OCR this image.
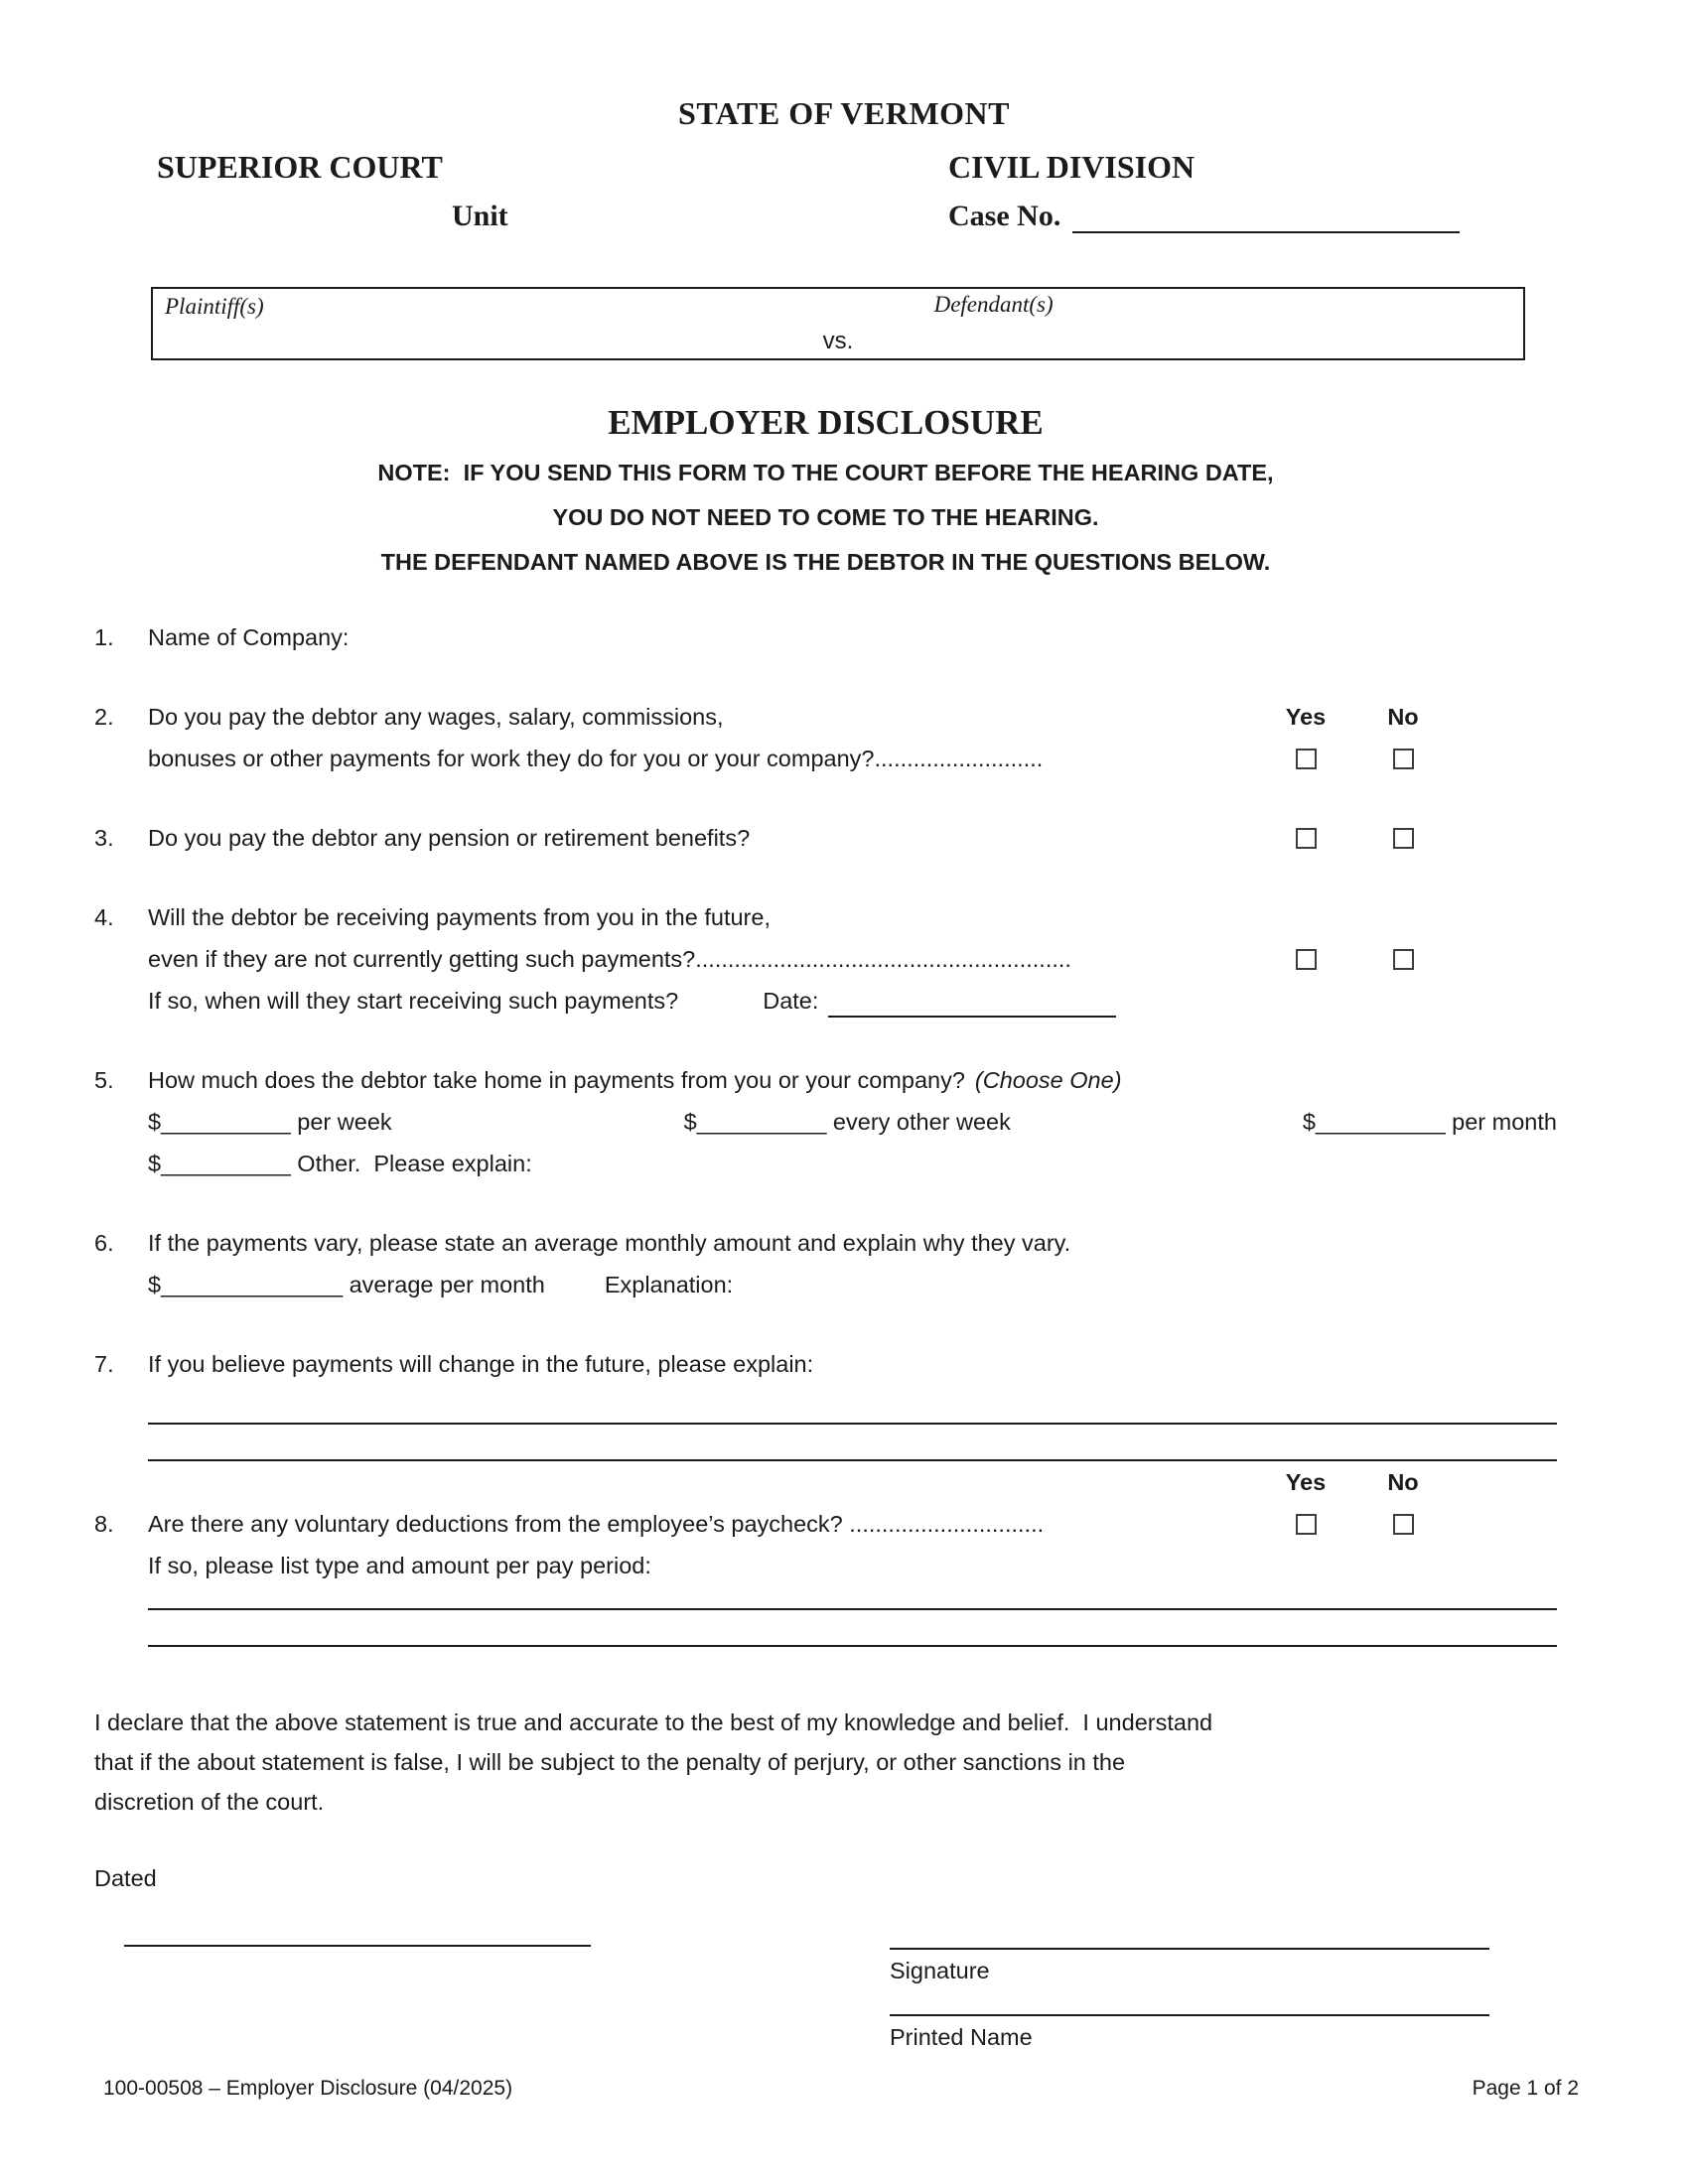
STATE OF VERMONT
SUPERIOR COURT	CIVIL DIVISION
Unit	Case No.
Plaintiff(s)	Defendant(s)
vs.
EMPLOYER DISCLOSURE
NOTE:  IF YOU SEND THIS FORM TO THE COURT BEFORE THE HEARING DATE,
YOU DO NOT NEED TO COME TO THE HEARING.
THE DEFENDANT NAMED ABOVE IS THE DEBTOR IN THE QUESTIONS BELOW.
1.	Name of Company:
2.	Do you pay the debtor any wages, salary, commissions,	Yes	No
bonuses or other payments for work they do for you or your company?..........................
3.	Do you pay the debtor any pension or retirement benefits?
4.	Will the debtor be receiving payments from you in the future,
even if they are not currently getting such payments?..........................................................
If so, when will they start receiving such payments?	Date:
5.	How much does the debtor take home in payments from you or your company? (Choose One)
$__________ per week	$__________ every other week	$__________ per month
$__________ Other.  Please explain:
6.	If the payments vary, please state an average monthly amount and explain why they vary.
$______________ average per month	Explanation:
7.	If you believe payments will change in the future, please explain:
Yes	No
8.	Are there any voluntary deductions from the employee’s paycheck? ..............................
If so, please list type and amount per pay period:
I declare that the above statement is true and accurate to the best of my knowledge and belief.  I understand
that if the about statement is false, I will be subject to the penalty of perjury, or other sanctions in the
discretion of the court.
Dated
Signature
Printed Name
100-00508 – Employer Disclosure (04/2025)	Page 1 of 2
